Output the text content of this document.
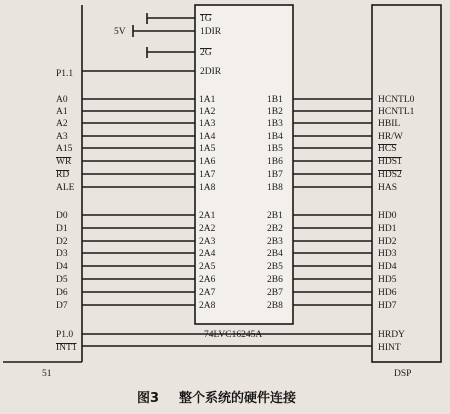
51	DSP
74LVC16245A
5V
P1.1
A0
A1
A2
A3
A15
WR
RD
ALE
D0
D1
D2
D3
D4
D5
D6
D7
P1.0
INT1
HCNTL0
HCNTL1
HBIL
HR/W
HCS
HDS1
HDS2
HAS
HD0
HD1
HD2
HD3
HD4
HD5
HD6
HD7
HRDY
HINT
1G
1DIR
2G
2DIR
1A1
1A2
1A3
1A4
1A5
1A6
1A7
1A8
2A1
2A2
2A3
2A4
2A5
2A6
2A7
2A8
1B1
1B2
1B3
1B4
1B5
1B6
1B7
1B8
2B1
2B2
2B3
2B4
2B5
2B6
2B7
2B8
图3 整个系统的硬件连接
